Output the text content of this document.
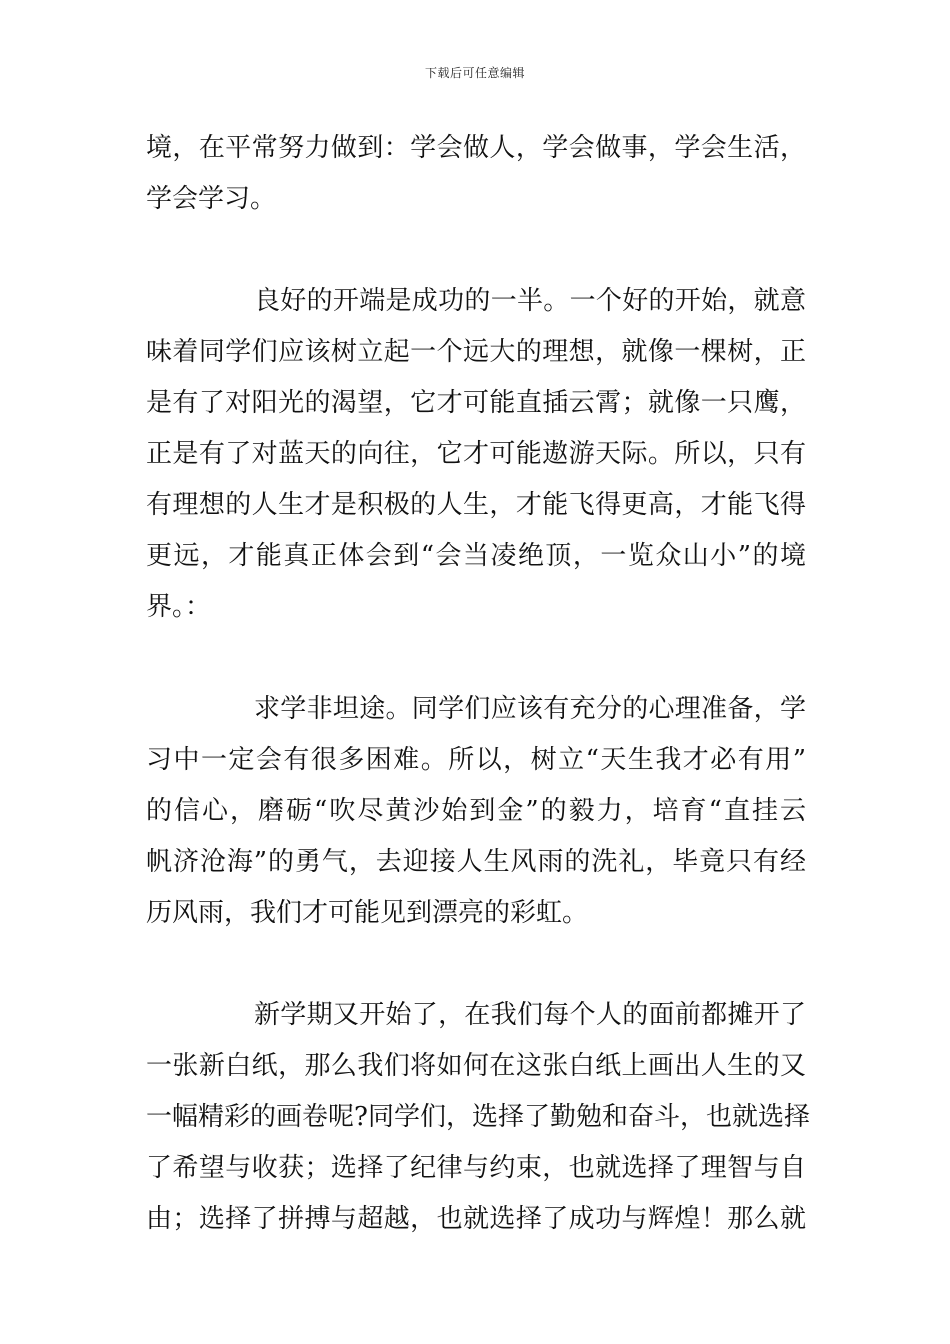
下载后可任意编辑
境，在平常努力做到：学会做人，学会做事，学会生活，
学会学习。
良好的开端是成功的一半。一个好的开始，就意
味着同学们应该树立起一个远大的理想，就像一棵树，正
是有了对阳光的渴望，它才可能直插云霄；就像一只鹰，
正是有了对蓝天的向往，它才可能遨游天际。所以，只有
有理想的人生才是积极的人生，才能飞得更高，才能飞得
更远，才能真正体会到“会当凌绝顶，一览众山小”的境
界。：
求学非坦途。同学们应该有充分的心理准备，学
习中一定会有很多困难。所以，树立“天生我才必有用”
的信心，磨砺“吹尽黄沙始到金”的毅力，培育“直挂云
帆济沧海”的勇气，去迎接人生风雨的洗礼，毕竟只有经
历风雨，我们才可能见到漂亮的彩虹。
新学期又开始了，在我们每个人的面前都摊开了
一张新白纸，那么我们将如何在这张白纸上画出人生的又
一幅精彩的画卷呢?同学们，选择了勤勉和奋斗，也就选择
了希望与收获；选择了纪律与约束，也就选择了理智与自
由；选择了拼搏与超越，也就选择了成功与辉煌！那么就
